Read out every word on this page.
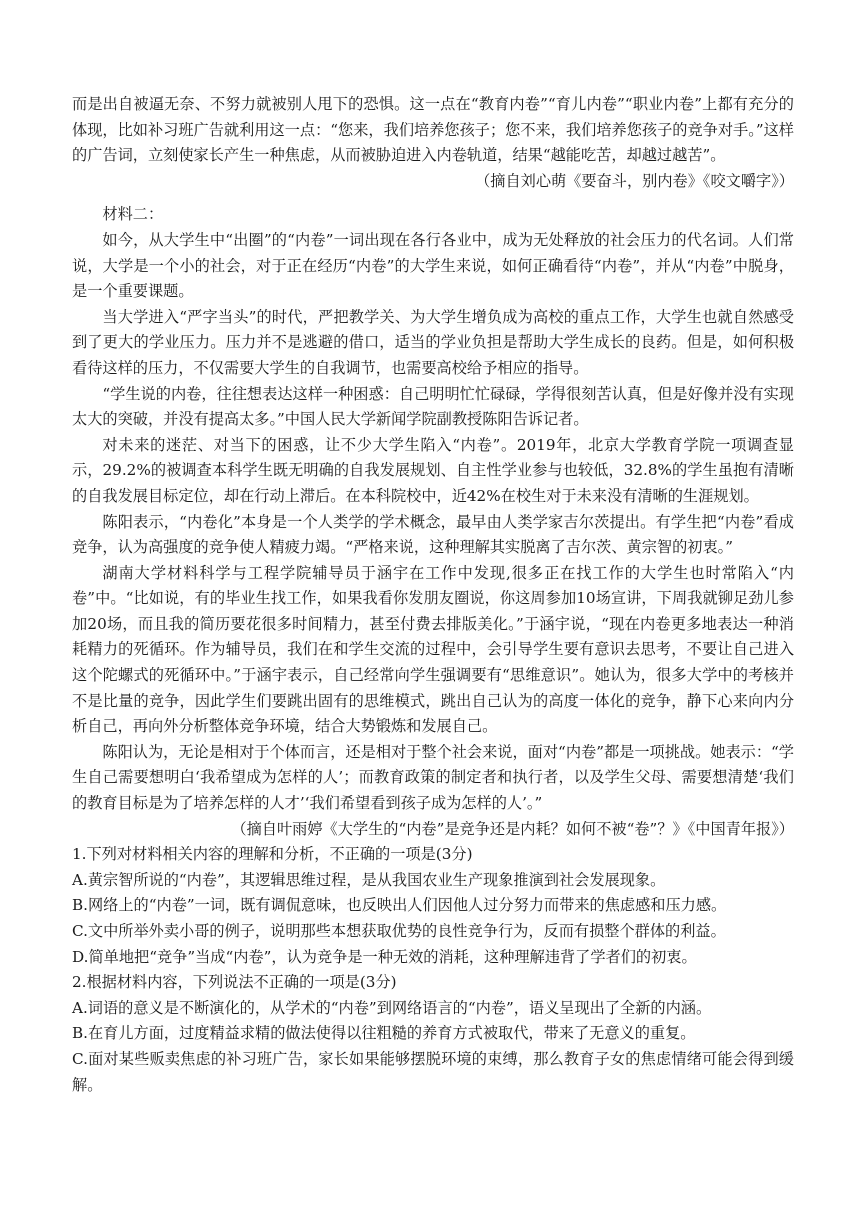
而是出自被逼无奈、不努力就被别人甩下的恐惧。这一点在“教育内卷”“育儿内卷”“职业内卷”上都有充分的体现，比如补习班广告就利用这一点：“您来，我们培养您孩子；您不来，我们培养您孩子的竞争对手。”这样的广告词，立刻使家长产生一种焦虑，从而被胁迫进入内卷轨道，结果“越能吃苦，却越过越苦”。

（摘自刘心萌《要奋斗，别内卷》《咬文嚼字》）

材料二：

如今，从大学生中“出圈”的“内卷”一词出现在各行各业中，成为无处释放的社会压力的代名词。人们常说，大学是一个小的社会，对于正在经历“内卷”的大学生来说，如何正确看待“内卷”，并从“内卷”中脱身，是一个重要课题。

当大学进入“严字当头”的时代，严把教学关、为大学生增负成为高校的重点工作，大学生也就自然感受到了更大的学业压力。压力并不是逃避的借口，适当的学业负担是帮助大学生成长的良药。但是，如何积极看待这样的压力，不仅需要大学生的自我调节，也需要高校给予相应的指导。

“学生说的内卷，往往想表达这样一种困惑：自己明明忙忙碌碌，学得很刻苦认真，但是好像并没有实现太大的突破，并没有提高太多。”中国人民大学新闻学院副教授陈阳告诉记者。

对未来的迷茫、对当下的困惑，让不少大学生陷入“内卷”。2019年，北京大学教育学院一项调查显示，29.2%的被调查本科学生既无明确的自我发展规划、自主性学业参与也较低，32.8%的学生虽抱有清晰的自我发展目标定位，却在行动上滞后。在本科院校中，近42%在校生对于未来没有清晰的生涯规划。

陈阳表示，“内卷化”本身是一个人类学的学术概念，最早由人类学家吉尔茨提出。有学生把“内卷”看成竞争，认为高强度的竞争使人精疲力竭。“严格来说，这种理解其实脱离了吉尔茨、黄宗智的初衷。”

湖南大学材料科学与工程学院辅导员于涵宇在工作中发现,很多正在找工作的大学生也时常陷入“内卷”中。“比如说，有的毕业生找工作，如果我看你发朋友圈说，你这周参加10场宣讲，下周我就铆足劲儿参加20场，而且我的简历要花很多时间精力，甚至付费去排版美化。”于涵宇说，“现在内卷更多地表达一种消耗精力的死循环。作为辅导员，我们在和学生交流的过程中，会引导学生要有意识去思考，不要让自己进入这个陀螺式的死循环中。”于涵宇表示，自己经常向学生强调要有“思维意识”。她认为，很多大学中的考核并不是比量的竞争，因此学生们要跳出固有的思维模式，跳出自己认为的高度一体化的竞争，静下心来向内分析自己，再向外分析整体竞争环境，结合大势锻炼和发展自己。

陈阳认为，无论是相对于个体而言，还是相对于整个社会来说，面对“内卷”都是一项挑战。她表示：“学生自己需要想明白‘我希望成为怎样的人’；而教育政策的制定者和执行者，以及学生父母、需要想清楚‘我们的教育目标是为了培养怎样的人才’‘我们希望看到孩子成为怎样的人’。”

（摘自叶雨婷《大学生的“内卷”是竞争还是内耗？如何不被“卷”？》《中国青年报》）

1.下列对材料相关内容的理解和分析，不正确的一项是(3分)

A.黄宗智所说的“内卷”，其逻辑思维过程，是从我国农业生产现象推演到社会发展现象。

B.网络上的“内卷”一词，既有调侃意味，也反映出人们因他人过分努力而带来的焦虑感和压力感。

C.文中所举外卖小哥的例子，说明那些本想获取优势的良性竞争行为，反而有损整个群体的利益。

D.简单地把“竞争”当成“内卷”，认为竞争是一种无效的消耗，这种理解违背了学者们的初衷。

2.根据材料内容，下列说法不正确的一项是(3分)

A.词语的意义是不断演化的，从学术的“内卷”到网络语言的“内卷”，语义呈现出了全新的内涵。

B.在育儿方面，过度精益求精的做法使得以往粗糙的养育方式被取代，带来了无意义的重复。

C.面对某些贩卖焦虑的补习班广告，家长如果能够摆脱环境的束缚，那么教育子女的焦虑情绪可能会得到缓解。
